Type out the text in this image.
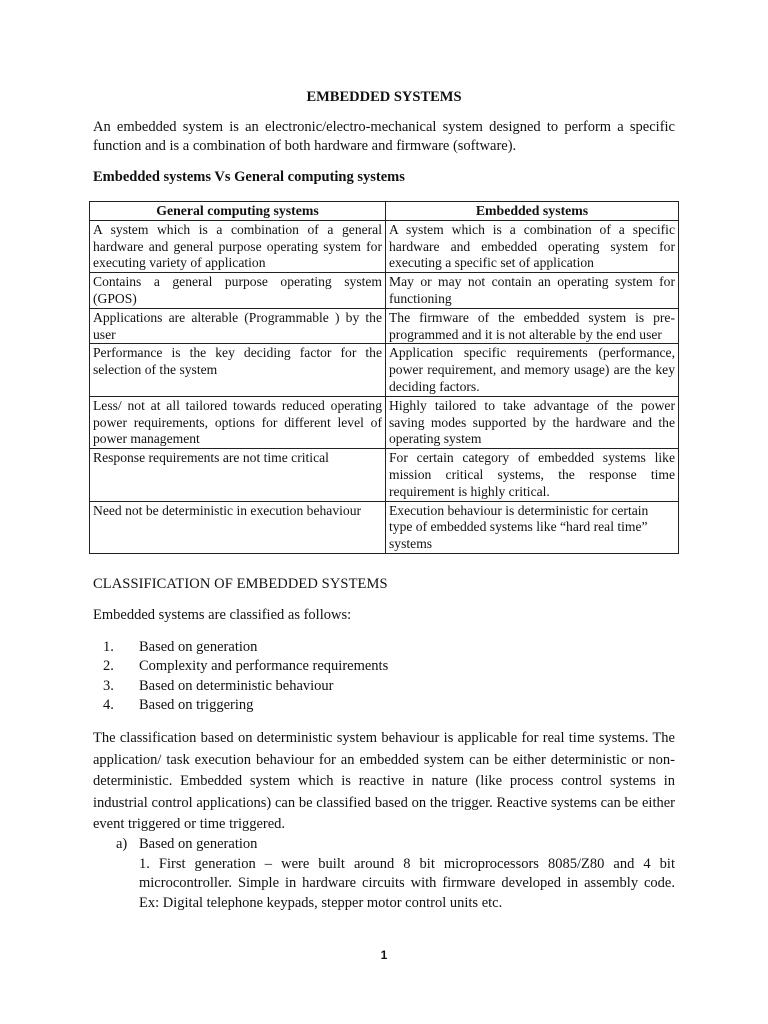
EMBEDDED SYSTEMS

An embedded system is an electronic/electro-mechanical system designed to perform a specific function and is a combination of both hardware and firmware (software).

Embedded systems Vs General computing systems
General computing systems	Embedded systems
A system which is a combination of a general hardware and general purpose operating system for executing variety of application	A system which is a combination of a specific hardware and embedded operating system for executing a specific set of application
Contains a general purpose operating system (GPOS)	May or may not contain an operating system for functioning
Applications are alterable (Programmable ) by the user	The firmware of the embedded system is pre-programmed and it is not alterable by the end user
Performance is the key deciding factor for the selection of the system	Application specific requirements (performance, power requirement, and memory usage) are the key deciding factors.
Less/ not at all tailored towards reduced operating power requirements, options for different level of power management	Highly tailored to take advantage of the power saving modes supported by the hardware and the operating system
Response requirements are not time critical	For certain category of embedded systems like mission critical systems, the response time requirement is highly critical.
Need not be deterministic in execution behaviour	Execution behaviour is deterministic for certain type of embedded systems like “hard real time” systems
CLASSIFICATION OF EMBEDDED SYSTEMS
Embedded systems are classified as follows:
1. Based on generation
2. Complexity and performance requirements
3. Based on deterministic behaviour
4. Based on triggering

The classification based on deterministic system behaviour is applicable for real time systems. The application/ task execution behaviour for an embedded system can be either deterministic or non-deterministic. Embedded system which is reactive in nature (like process control systems in industrial control applications) can be classified based on the trigger. Reactive systems can be either event triggered or time triggered.

a) Based on generation

1. First generation – were built around 8 bit microprocessors 8085/Z80 and 4 bit microcontroller. Simple in hardware circuits with firmware developed in assembly code. Ex: Digital telephone keypads, stepper motor control units etc.

1
